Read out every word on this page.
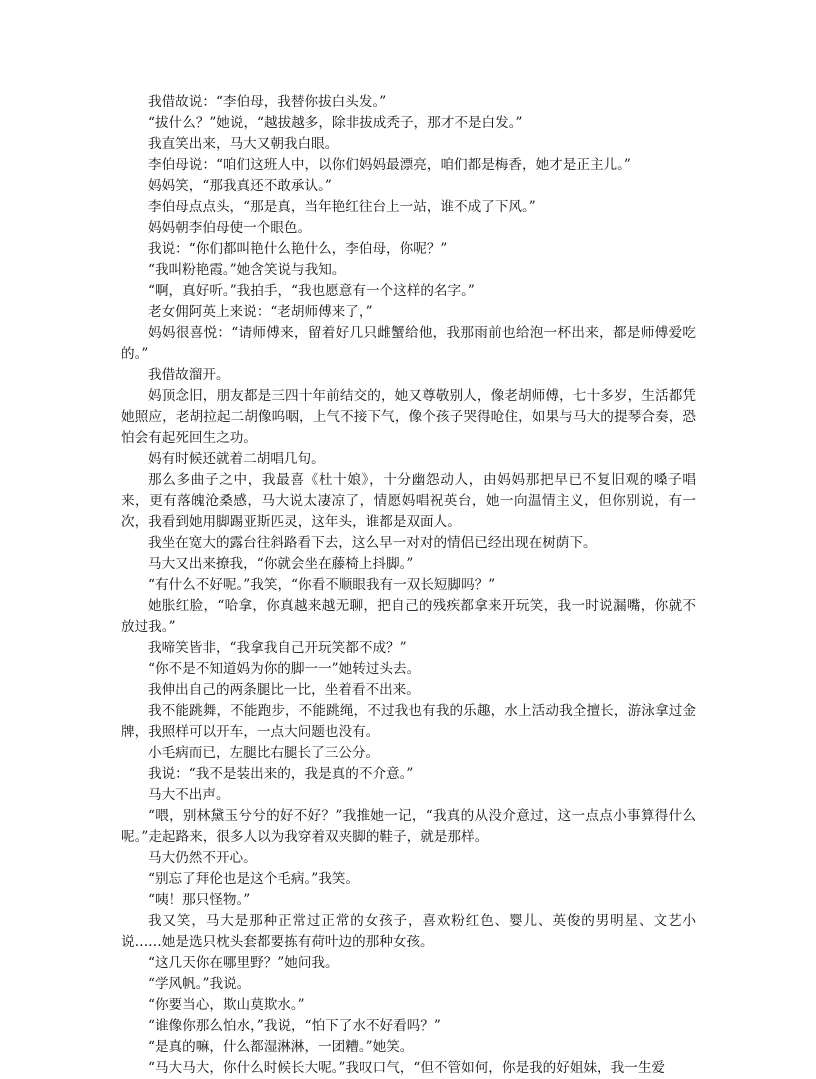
我借故说：“李伯母，我替你拔白头发。”

“拔什么？”她说，“越拔越多，除非拔成秃子，那才不是白发。”

我直笑出来，马大又朝我白眼。

李伯母说：“咱们这班人中，以你们妈妈最漂亮，咱们都是梅香，她才是正主儿。”

妈妈笑，“那我真还不敢承认。”

李伯母点点头，“那是真，当年艳红往台上一站，谁不成了下风。”

妈妈朝李伯母使一个眼色。

我说：“你们都叫艳什么艳什么，李伯母，你呢？”

“我叫粉艳霞。”她含笑说与我知。

“啊，真好听。”我拍手，“我也愿意有一个这样的名字。”

老女佣阿英上来说：“老胡师傅来了，”

妈妈很喜悦：“请师傅来，留着好几只雌蟹给他，我那雨前也给泡一杯出来，都是师傅爱吃的。”

我借故溜开。

妈顶念旧，朋友都是三四十年前结交的，她又尊敬别人，像老胡师傅，七十多岁，生活都凭她照应，老胡拉起二胡像呜咽，上气不接下气，像个孩子哭得呛住，如果与马大的提琴合奏，恐怕会有起死回生之功。

妈有时候还就着二胡唱几句。

那么多曲子之中，我最喜《杜十娘》，十分幽怨动人，由妈妈那把早已不复旧观的嗓子唱来，更有落魄沧桑感，马大说太凄凉了，情愿妈唱祝英台，她一向温情主义，但你别说，有一次，我看到她用脚踢亚斯匹灵，这年头，谁都是双面人。

我坐在宽大的露台往斜路看下去，这么早一对对的情侣已经出现在树荫下。

马大又出来撩我，“你就会坐在藤椅上抖脚。”

“有什么不好呢。”我笑，“你看不顺眼我有一双长短脚吗？”

她胀红脸，“哈拿，你真越来越无聊，把自己的残疾都拿来开玩笑，我一时说漏嘴，你就不放过我。”

我啼笑皆非，“我拿我自己开玩笑都不成？”

“你不是不知道妈为你的脚一一”她转过头去。

我伸出自己的两条腿比一比，坐着看不出来。

我不能跳舞，不能跑步，不能跳绳，不过我也有我的乐趣，水上活动我全擅长，游泳拿过金牌，我照样可以开车，一点大问题也没有。

小毛病而已，左腿比右腿长了三公分。

我说：“我不是装出来的，我是真的不介意。”

马大不出声。

“喂，别林黛玉兮兮的好不好？”我推她一记，“我真的从没介意过，这一点点小事算得什么呢。”走起路来，很多人以为我穿着双夹脚的鞋子，就是那样。

马大仍然不开心。

“别忘了拜伦也是这个毛病。”我笑。

“咦！那只怪物。”

我又笑，马大是那种正常过正常的女孩子，喜欢粉红色、婴儿、英俊的男明星、文艺小说……她是选只枕头套都要拣有荷叶边的那种女孩。

“这几天你在哪里野？”她问我。

“学风帆。”我说。

“你要当心，欺山莫欺水。”

“谁像你那么怕水，”我说，“怕下了水不好看吗？”

“是真的嘛，什么都湿淋淋，一团糟。”她笑。

“马大马大，你什么时候长大呢。”我叹口气，“但不管如何，你是我的好姐妹，我一生爱
